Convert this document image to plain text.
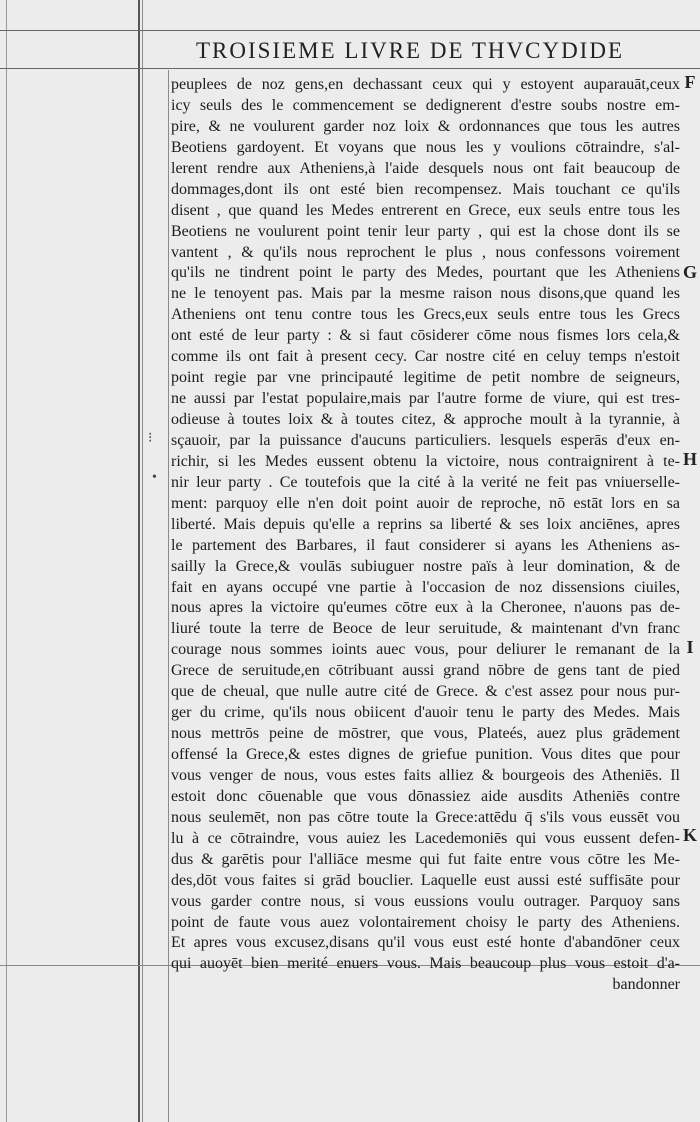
TROISIEME LIVRE DE THVCYDIDE
peuplees de noz gens,en dechassant ceux qui y estoyent auparauāt,ceux
icy seuls des le commencement se dedignerent d'estre soubs nostre em-
pire, & ne voulurent garder noz loix & ordonnances que tous les autres
Beotiens gardoyent. Et voyans que nous les y voulions cōtraindre, s'al-
lerent rendre aux Atheniens,à l'aide desquels nous ont fait beaucoup de
dommages,dont ils ont esté bien recompensez. Mais touchant ce qu'ils
disent , que quand les Medes entrerent en Grece, eux seuls entre tous les
Beotiens ne voulurent point tenir leur party , qui est la chose dont ils se
vantent , & qu'ils nous reprochent le plus , nous confessons voirement
qu'ils ne tindrent point le party des Medes, pourtant que les Atheniens
ne le tenoyent pas. Mais par la mesme raison nous disons,que quand les
Atheniens ont tenu contre tous les Grecs,eux seuls entre tous les Grecs
ont esté de leur party : & si faut cōsiderer cōme nous fismes lors cela,&
comme ils ont fait à present cecy. Car nostre cité en celuy temps n'estoit
point regie par vne principauté legitime de petit nombre de seigneurs,
ne aussi par l'estat populaire,mais par l'autre forme de viure, qui est tres-
odieuse à toutes loix & à toutes citez, & approche moult à la tyrannie, à
sçauoir, par la puissance d'aucuns particuliers. lesquels esperās d'eux en-
richir, si les Medes eussent obtenu la victoire, nous contraignirent à te-
nir leur party . Ce toutefois que la cité à la verité ne feit pas vniuerselle-
ment: parquoy elle n'en doit point auoir de reproche, nō estāt lors en sa
liberté. Mais depuis qu'elle a reprins sa liberté & ses loix anciēnes, apres
le partement des Barbares, il faut considerer si ayans les Atheniens as-
sailly la Grece,& voulās subiuguer nostre païs à leur domination, & de
fait en ayans occupé vne partie à l'occasion de noz dissensions ciuiles,
nous apres la victoire qu'eumes cōtre eux à la Cheronee, n'auons pas de-
liuré toute la terre de Beoce de leur seruitude, & maintenant d'vn franc
courage nous sommes ioints auec vous, pour deliurer le remanant de la
Grece de seruitude,en cōtribuant aussi grand nōbre de gens tant de pied
que de cheual, que nulle autre cité de Grece. & c'est assez pour nous pur-
ger du crime, qu'ils nous obiicent d'auoir tenu le party des Medes. Mais
nous mettrōs peine de mōstrer, que vous, Plateés, auez plus grādement
offensé la Grece,& estes dignes de griefue punition. Vous dites que pour
vous venger de nous, vous estes faits alliez & bourgeois des Atheniēs. Il
estoit donc cōuenable que vous dōnassiez aide ausdits Atheniēs contre
nous seulemēt, non pas cōtre toute la Grece:attēdu q̄ s'ils vous eussēt vou
lu à ce cōtraindre, vous auiez les Lacedemoniēs qui vous eussent defen-
dus & garētis pour l'alliāce mesme qui fut faite entre vous cōtre les Me-
des,dōt vous faites si grād bouclier. Laquelle eust aussi esté suffisāte pour
vous garder contre nous, si vous eussions voulu outrager. Parquoy sans
point de faute vous auez volontairement choisy le party des Atheniens.
Et apres vous excusez,disans qu'il vous eust esté honte d'abandōner ceux
qui auoyēt bien merité enuers vous. Mais beaucoup plus vous estoit d'a-
bandonner
F
G
H
I
K
⁝
•
